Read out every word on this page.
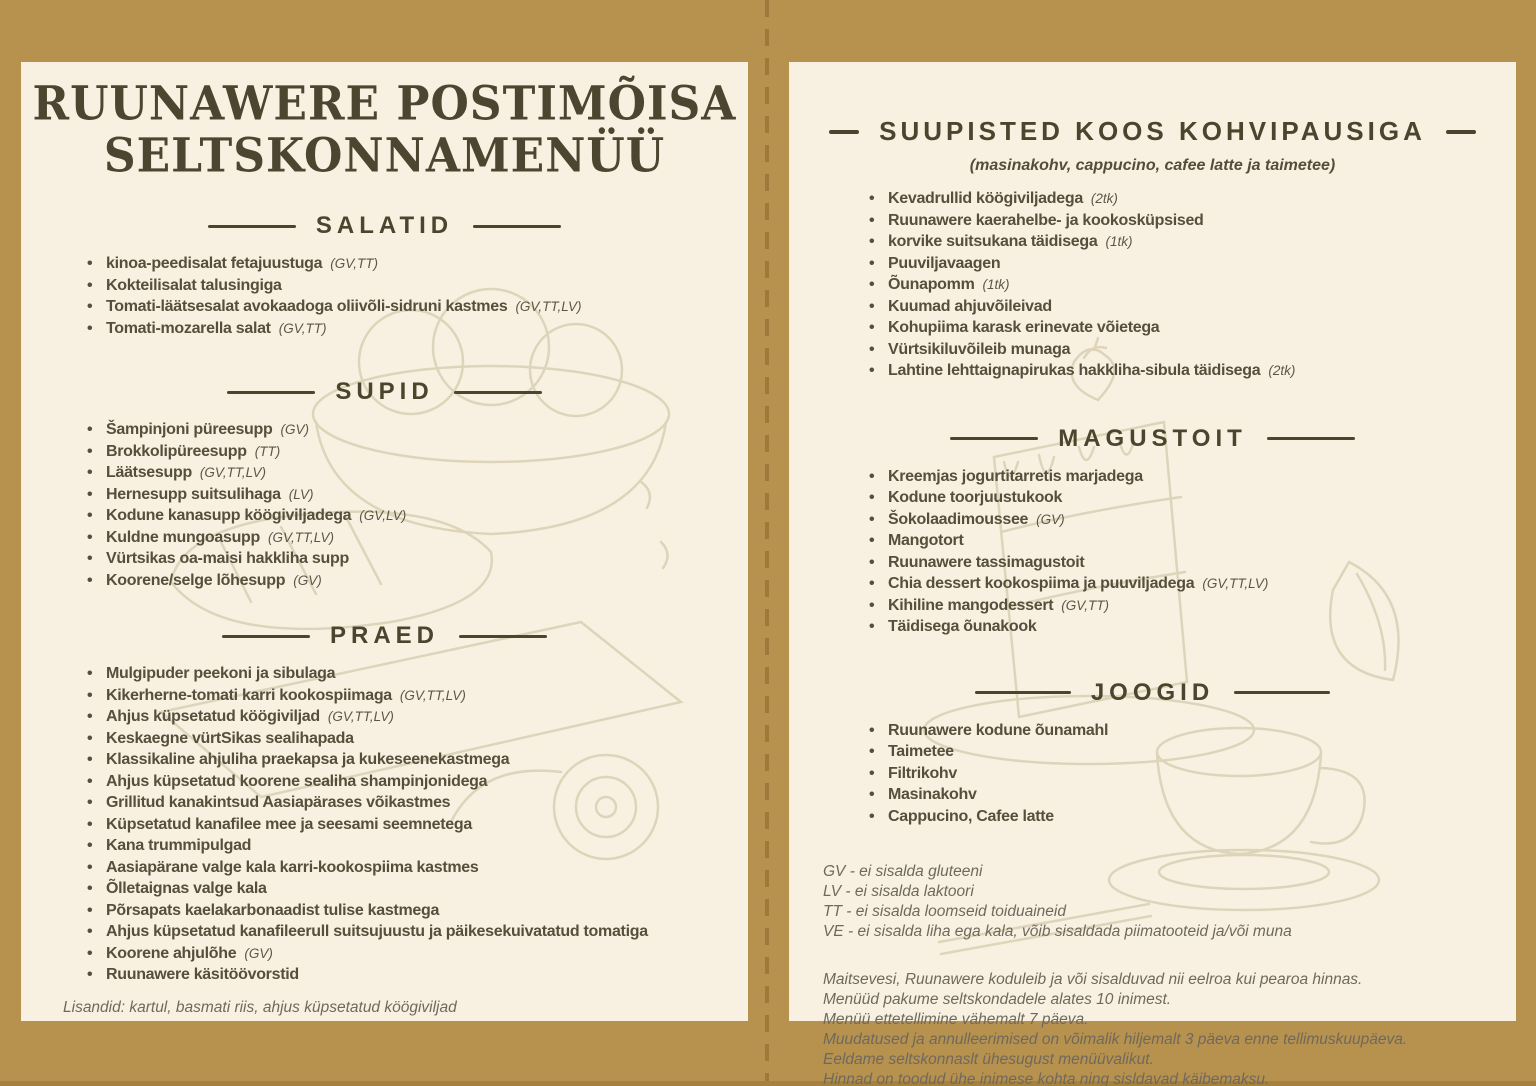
RUUNAWERE POSTIMÕISA
SELTSKONNAMENÜÜ
SALATID
• kinoa-peedisalat fetajuustuga (GV,TT)
• Kokteilisalat talusingiga
• Tomati-läätsesalat avokaadoga oliivõli-sidruni kastmes (GV,TT,LV)
• Tomati-mozarella salat (GV,TT)
SUPID
• Šampinjoni püreesupp (GV)
• Brokkolipüreesupp (TT)
• Läätsesupp (GV,TT,LV)
• Hernesupp suitsulihaga (LV)
• Kodune kanasupp köögiviljadega (GV,LV)
• Kuldne mungoasupp (GV,TT,LV)
• Vürtsikas oa-maisi hakkliha supp
• Koorene/selge lõhesupp (GV)
PRAED
• Mulgipuder peekoni ja sibulaga
• Kikerherne-tomati karri kookospiimaga (GV,TT,LV)
• Ahjus küpsetatud köögiviljad (GV,TT,LV)
• Keskaegne vürtSikas sealihapada
• Klassikaline ahjuliha praekapsa ja kukeseenekastmega
• Ahjus küpsetatud koorene sealiha shampinjonidega
• Grillitud kanakintsud Aasiapärases võikastmes
• Küpsetatud kanafilee mee ja seesami seemnetega
• Kana trummipulgad
• Aasiapärane valge kala karri-kookospiima kastmes
• Õlletaignas valge kala
• Põrsapats kaelakarbonaadist tulise kastmega
• Ahjus küpsetatud kanafileerull suitsujuustu ja päikesekuivatatud tomatiga
• Koorene ahjulõhe (GV)
• Ruunawere käsitöövorstid

Lisandid: kartul, basmati riis, ahjus küpsetatud köögiviljad

SUUPISTED KOOS KOHVIPAUSIGA

(masinakohv, cappucino, cafee latte ja taimetee)

• Kevadrullid köögiviljadega (2tk)
• Ruunawere kaerahelbe- ja kookosküpsised
• korvike suitsukana täidisega (1tk)
• Puuviljavaagen
• Õunapomm (1tk)
• Kuumad ahjuvõileivad
• Kohupiima karask erinevate võietega
• Vürtsikiluvõileib munaga
• Lahtine lehttaignapirukas hakkliha-sibula täidisega (2tk)
MAGUSTOIT
• Kreemjas jogurtitarretis marjadega
• Kodune toorjuustukook
• Šokolaadimoussee (GV)
• Mangotort
• Ruunawere tassimagustoit
• Chia dessert kookospiima ja puuviljadega (GV,TT,LV)
• Kihiline mangodessert (GV,TT)
• Täidisega õunakook
JOOGID
• Ruunawere kodune õunamahl
• Taimetee
• Filtrikohv
• Masinakohv
• Cappucino, Cafee latte
GV - ei sisalda gluteeni
LV - ei sisalda laktoori
TT - ei sisalda loomseid toiduaineid
VE - ei sisalda liha ega kala, võib sisaldada piimatooteid ja/või muna
Maitsevesi, Ruunawere koduleib ja või sisalduvad nii eelroa kui pearoa hinnas.
Menüüd pakume seltskondadele alates 10 inimest.
Menüü ettetellimine vähemalt 7 päeva.
Muudatused ja annulleerimised on võimalik hiljemalt 3 päeva enne tellimuskuupäeva.
Eeldame seltskonnaslt ühesugust menüüvalikut.
Hinnad on toodud ühe inimese kohta ning sisldavad käibemaksu.
